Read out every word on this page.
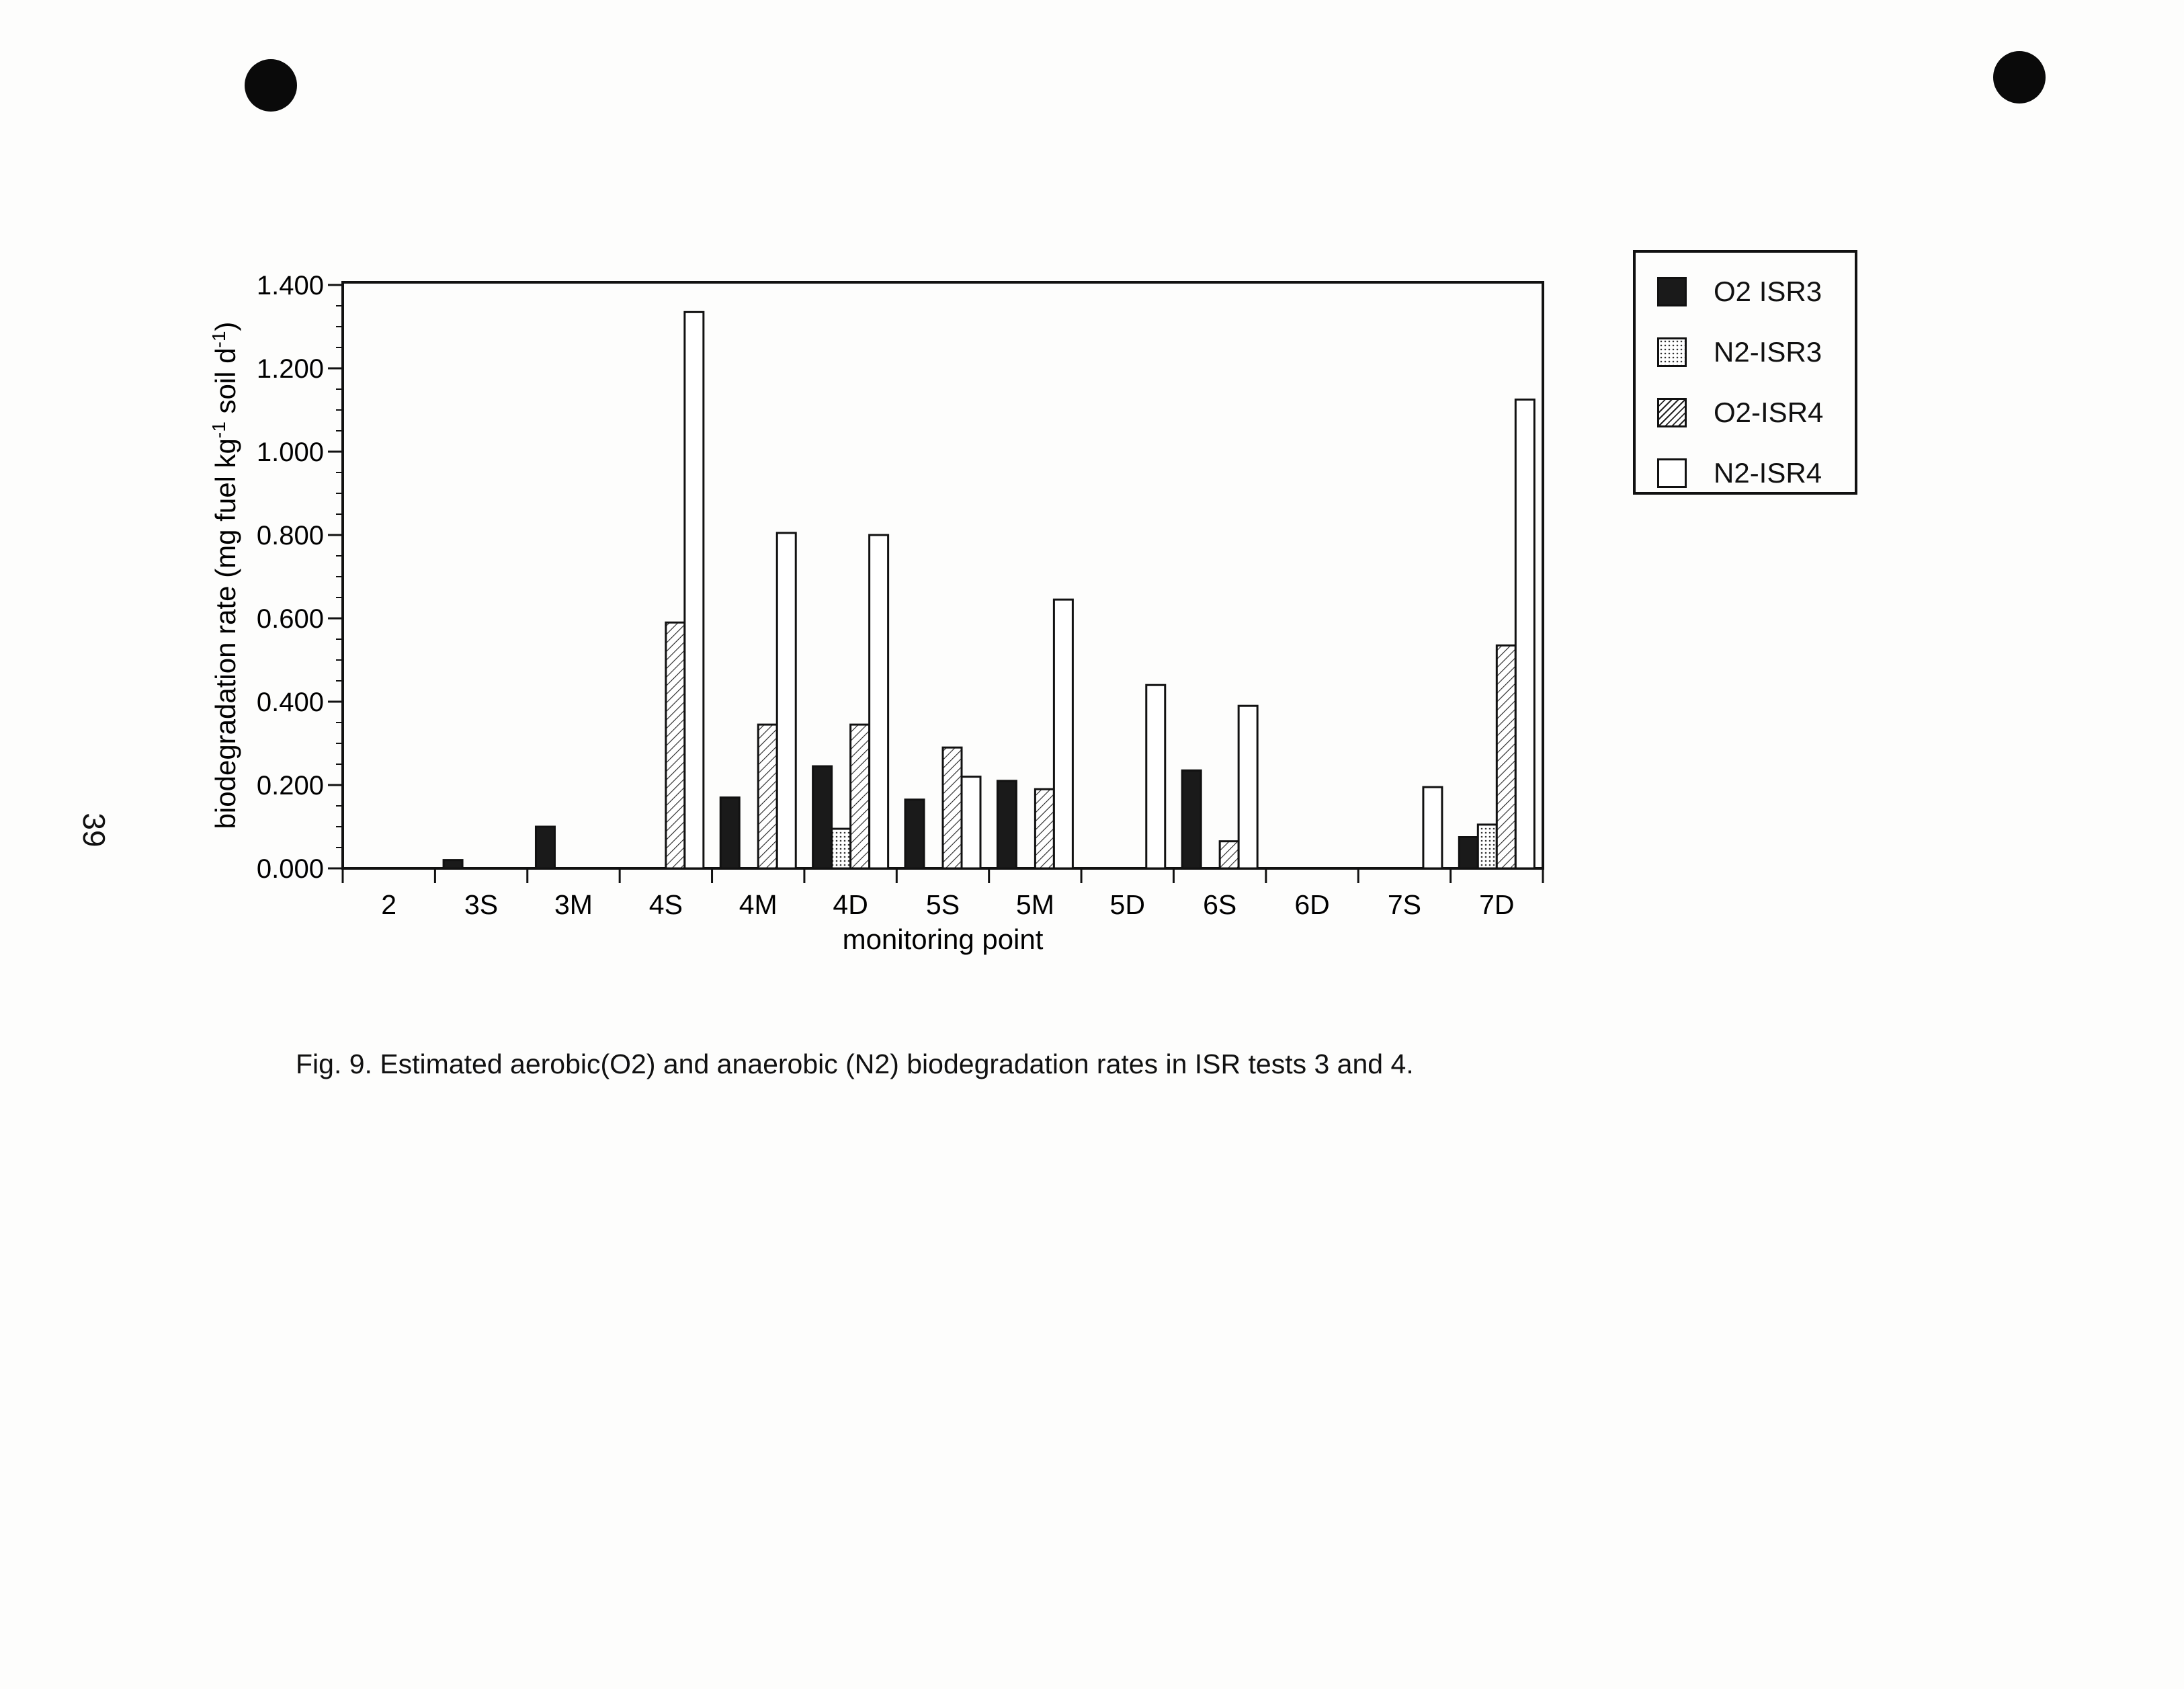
39
0.000
0.200
0.400
0.600
0.800
1.000
1.200
1.400
2 3S 3M 4S 4M 4D 5S 5M 5D 6S 6D 7S 7D
monitoring point
biodegradation rate (mg fuel $kg^{-1}$ soil $d^{-1}$)
O2 ISR3
N2-ISR3
O2-ISR4
N2-ISR4
Fig. 9. Estimated aerobic(O2) and anaerobic (N2) biodegradation rates in ISR tests 3 and 4.
